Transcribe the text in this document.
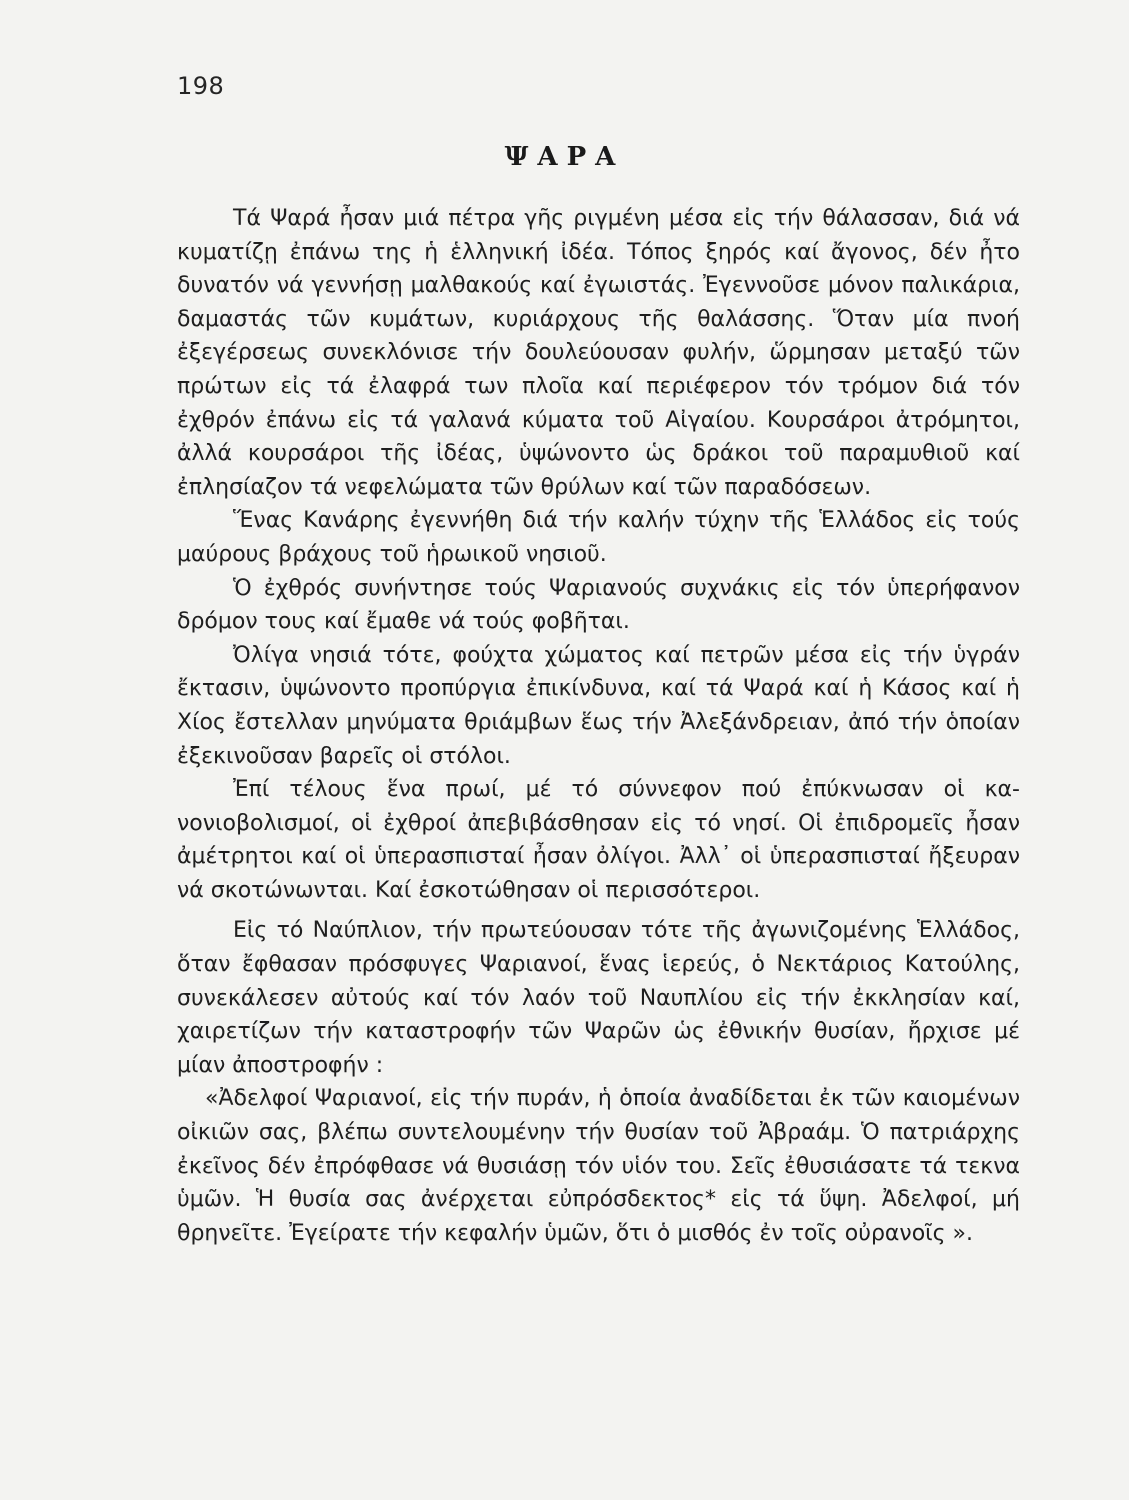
198
ΨΑΡΑ

Τά Ψαρά ἦσαν μιά πέτρα γῆς ριγμένη μέσα εἰς τήν θάλασσαν, διά νά κυματίζῃ ἐπάνω της ἡ ἑλληνική ἰδέα. Τόπος ξηρός καί ἄγονος, δέν ἦτο δυνατόν νά γεννήσῃ μαλθακούς καί ἐγωιστάς. Ἐγεννοῦσε μόνον παλικάρια, δαμαστάς τῶν κυμάτων, κυριάρχους τῆς θαλάσσης. Ὅταν μία πνοή ἐξεγέρσεως συνεκλόνισε τήν δουλεύουσαν φυλήν, ὥρμησαν μεταξύ τῶν πρώτων εἰς τά ἐλαφρά των πλοῖα καί περιέφερον τόν τρόμον διά τόν ἐχθρόν ἐπάνω εἰς τά γαλανά κύματα τοῦ Αἰγαίου. Κουρσάροι ἀτρόμητοι, ἀλλά κουρσάροι τῆς ἰδέας, ὑψώνοντο ὡς δράκοι τοῦ παραμυθιοῦ καί ἐπλησίαζον τά νεφελώματα τῶν θρύλων καί τῶν παραδόσεων.

Ἕνας Κανάρης ἐγεννήθη διά τήν καλήν τύχην τῆς Ἑλλάδος εἰς τούς μαύρους βράχους τοῦ ἡρωικοῦ νησιοῦ.

Ὁ ἐχθρός συνήντησε τούς Ψαριανούς συχνάκις εἰς τόν ὑπερήφανον δρόμον τους καί ἔμαθε νά τούς φοβῆται.

Ὀλίγα νησιά τότε, φούχτα χώματος καί πετρῶν μέσα εἰς τήν ὑγράν ἔκτασιν, ὑψώνοντο προπύργια ἐπικίνδυνα, καί τά Ψαρά καί ἡ Κάσος καί ἡ Χίος ἔστελλαν μηνύματα θριάμβων ἕως τήν Ἀλεξάνδρειαν, ἀπό τήν ὁποίαν ἐξεκινοῦσαν βαρεῖς οἱ στόλοι.

Ἐπί τέλους ἕνα πρωί, μέ τό σύννεφον πού ἐπύκνωσαν οἱ κανονιοβολισμοί, οἱ ἐχθροί ἀπεβιβάσθησαν εἰς τό νησί. Οἱ ἐπιδρομεῖς ἦσαν ἀμέτρητοι καί οἱ ὑπερασπισταί ἦσαν ὀλίγοι. Ἀλλ᾽ οἱ ὑπερασπισταί ἤξευραν νά σκοτώνωνται. Καί ἐσκοτώθησαν οἱ περισσότεροι.

Εἰς τό Ναύπλιον, τήν πρωτεύουσαν τότε τῆς ἀγωνιζομένης Ἑλλάδος, ὅταν ἔφθασαν πρόσφυγες Ψαριανοί, ἕνας ἱερεύς, ὁ Νεκτάριος Κατούλης, συνεκάλεσεν αὐτούς καί τόν λαόν τοῦ Ναυπλίου εἰς τήν ἐκκλησίαν καί, χαιρετίζων τήν καταστροφήν τῶν Ψαρῶν ὡς ἐθνικήν θυσίαν, ἤρχισε μέ μίαν ἀποστροφήν :

«Ἀδελφοί Ψαριανοί, εἰς τήν πυράν, ἡ ὁποία ἀναδίδεται ἐκ τῶν καιομένων οἰκιῶν σας, βλέπω συντελουμένην τήν θυσίαν τοῦ Ἀβραάμ. Ὁ πατριάρχης ἐκεῖνος δέν ἐπρόφθασε νά θυσιάσῃ τόν υἱόν του. Σεῖς ἐθυσιάσατε τά τεκνα ὑμῶν. Ἡ θυσία σας ἀνέρχεται εὐπρόσδεκτος* εἰς τά ὕψη. Ἀδελφοί, μή θρηνεῖτε. Ἐγείρατε τήν κεφαλήν ὑμῶν, ὅτι ὁ μισθός ἐν τοῖς οὐρανοῖς ».
